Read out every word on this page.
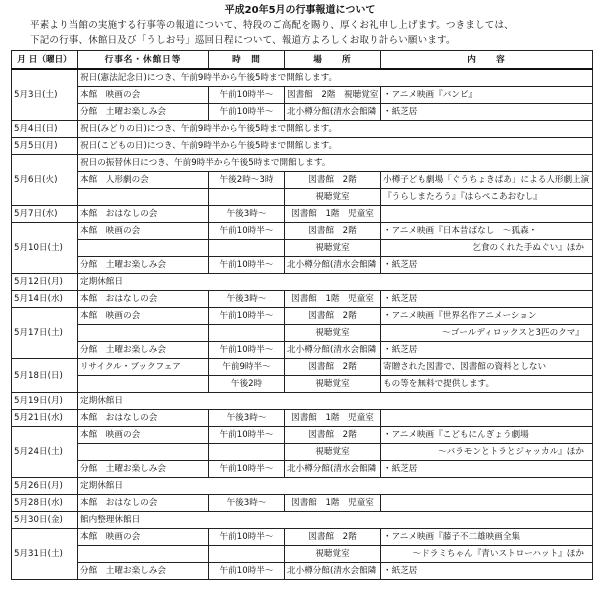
平成20年5月の行事報道について
平素より当館の実施する行事等の報道について、特段のご高配を賜り、厚くお礼申し上げます。つきましては、
下記の行事、休館日及び「うしお号」巡回日程について、報道方よろしくお取り計らい願います。
月 日（曜日）	行事名・休館日等	時　間	場　　所	内　　容
5月3日(土)	祝日(憲法記念日)につき、午前9時半から午後5時まで開館します。			
	本館　映画の会	午前10時半～	図書館　2階　視聴覚室	・アニメ映画『バンビ』
	分館　土曜お楽しみ会	午前10時半～	北小樽分館(清水会館隣	・紙芝居
5月4日(日)	祝日(みどりの日)につき、午前9時半から午後5時まで開館します。			
5月5日(月)	祝日(こどもの日)につき、午前9時半から午後5時まで開館します。			
5月6日(火)	祝日の振替休日につき、午前9時半から午後5時まで開館します。			
	本館　人形劇の会	午後2時～3時	図書館　2階	小樽子ども劇場「ぐうちょきぱあ」による人形劇上演
			視聴覚室	『うらしまたろう』『はらぺこあおむし』
5月7日(水)	本館　おはなしの会	午後3時～	図書館　1階　児童室	
5月10日(土)	本館　映画の会	午前10時半～	図書館　2階	・アニメ映画『日本昔ばなし　～狐森・
			視聴覚室	乞食のくれた手ぬぐい』ほか

	分館　土曜お楽しみ会	午前10時半～	北小樽分館(清水会館隣	・紙芝居
5月12日(月)	定期休館日			
5月14日(水)	本館　おはなしの会	午後3時～	図書館　1階　児童室	・紙芝居
5月17日(土)	本館　映画の会	午前10時半～	図書館　2階	・アニメ映画『世界名作アニメーション
			視聴覚室	～ゴールディロックスと3匹のクマ』

	分館　土曜お楽しみ会	午前10時半～	北小樽分館(清水会館隣	・紙芝居
5月18日(日)	リサイクル・ブックフェア	午前9時半～	図書館　2階	寄贈された図書で、図書館の資料としない
		午後2時	視聴覚室	もの等を無料で提供します。
5月19日(月)	定期休館日			
5月21日(水)	本館　おはなしの会	午後3時～	図書館　1階　児童室	
5月24日(土)	本館　映画の会	午前10時半～	図書館　2階	・アニメ映画『こどもにんぎょう劇場
			視聴覚室	～バラモンとトラとジャッカル』ほか

	分館　土曜お楽しみ会	午前10時半～	北小樽分館(清水会館隣	・紙芝居
5月26日(月)	定期休館日			
5月28日(水)	本館　おはなしの会	午後3時～	図書館　1階　児童室	
5月30日(金)	館内整理休館日			
5月31日(土)	本館　映画の会	午前10時半～	図書館　2階	・アニメ映画『藤子不二雄映画全集
			視聴覚室	～ドラミちゃん『青いストローハット』ほか

	分館　土曜お楽しみ会	午前10時半～	北小樽分館(清水会館隣	・紙芝居
